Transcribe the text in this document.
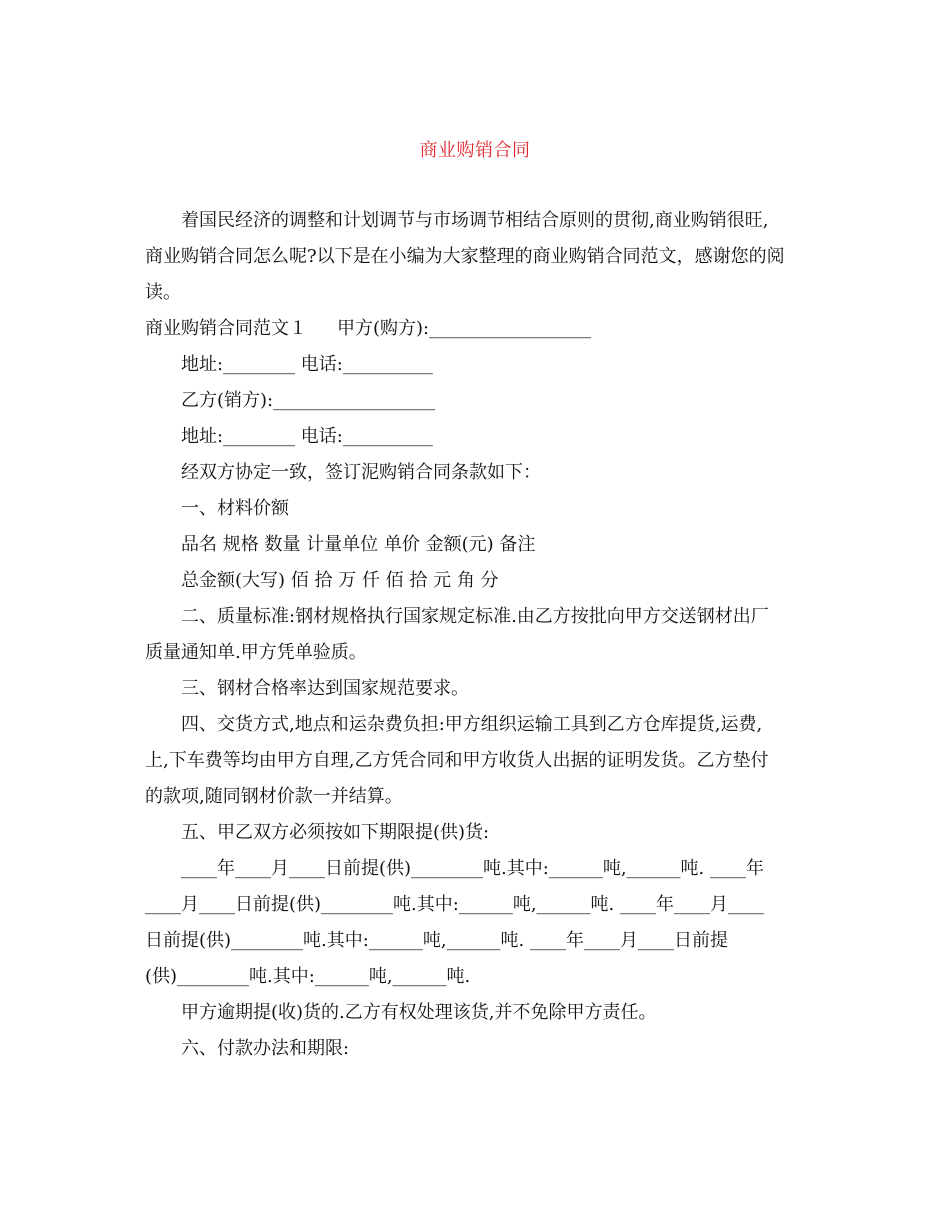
商业购销合同
着国民经济的调整和计划调节与市场调节相结合原则的贯彻,商业购销很旺,
商业购销合同怎么呢?以下是在小编为大家整理的商业购销合同范文，感谢您的阅
读。
商业购销合同范文１ 甲方(购方):__________________
地址:________ 电话:__________
乙方(销方):__________________
地址:________ 电话:__________
经双方协定一致，签订泥购销合同条款如下：
一、材料价额
品名 规格 数量 计量单位 单价 金额(元) 备注
总金额(大写) 佰 拾 万 仟 佰 拾 元 角 分
二、质量标准:钢材规格执行国家规定标准.由乙方按批向甲方交送钢材出厂
质量通知单.甲方凭单验质。
三、钢材合格率达到国家规范要求。
四、交货方式,地点和运杂费负担:甲方组织运输工具到乙方仓库提货,运费,
上,下车费等均由甲方自理,乙方凭合同和甲方收货人出据的证明发货。乙方垫付
的款项,随同钢材价款一并结算。
五、甲乙双方必须按如下期限提(供)货:
____年____月____日前提(供)________吨.其中:______吨,______吨. ____年
____月____日前提(供)________吨.其中:______吨,______吨. ____年____月____
日前提(供)________吨.其中:______吨,______吨. ____年____月____日前提
(供)________吨.其中:______吨,______吨.
甲方逾期提(收)货的.乙方有权处理该货,并不免除甲方责任。
六、付款办法和期限:
